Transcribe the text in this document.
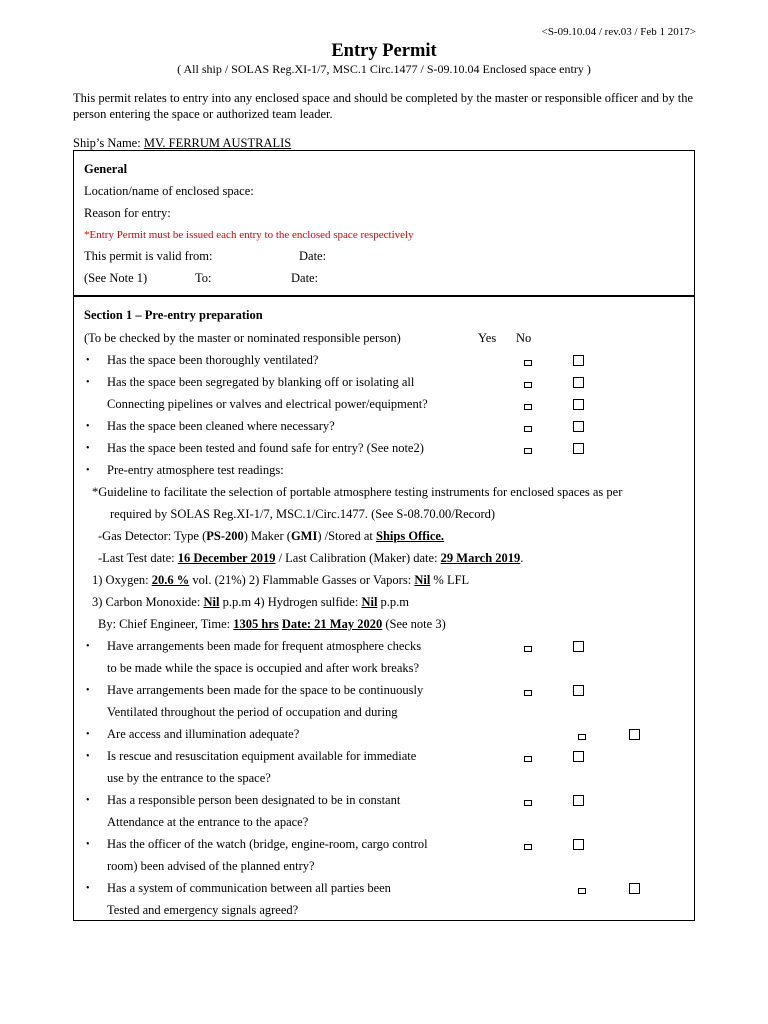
<S-09.10.04 / rev.03 / Feb 1 2017>
Entry Permit
( All ship / SOLAS Reg.XI-1/7, MSC.1 Circ.1477 / S-09.10.04 Enclosed space entry )
This permit relates to entry into any enclosed space and should be completed by the master or responsible officer and by the person entering the space or authorized team leader.
Ship’s Name: MV. FERRUM AUSTRALIS
General
Location/name of enclosed space:
Reason for entry:
*Entry Permit must be issued each entry to the enclosed space respectively
This permit is valid from:	Date:
(See Note 1)	To:	Date:
Section 1 – Pre-entry preparation
(To be checked by the master or nominated responsible person)	Yes No
• Has the space been thoroughly ventilated?
• Has the space been segregated by blanking off or isolating all
Connecting pipelines or valves and electrical power/equipment?
• Has the space been cleaned where necessary?
• Has the space been tested and found safe for entry? (See note2)
• Pre-entry atmosphere test readings:
*Guideline to facilitate the selection of portable atmosphere testing instruments for enclosed spaces as per
required by SOLAS Reg.XI-1/7, MSC.1/Circ.1477. (See S-08.70.00/Record)
-Gas Detector: Type (PS-200) Maker (GMI) /Stored at Ships Office.
-Last Test date: 16 December 2019 / Last Calibration (Maker) date: 29 March 2019.
1) Oxygen: 20.6 % vol. (21%) 2) Flammable Gasses or Vapors: Nil % LFL
3) Carbon Monoxide: Nil p.p.m 4) Hydrogen sulfide: Nil p.p.m
By: Chief Engineer, Time: 1305 hrs Date: 21 May 2020 (See note 3)
• Have arrangements been made for frequent atmosphere checks
to be made while the space is occupied and after work breaks?
• Have arrangements been made for the space to be continuously
Ventilated throughout the period of occupation and during
• Are access and illumination adequate?
• Is rescue and resuscitation equipment available for immediate
use by the entrance to the space?
• Has a responsible person been designated to be in constant
Attendance at the entrance to the apace?
• Has the officer of the watch (bridge, engine-room, cargo control
room) been advised of the planned entry?
• Has a system of communication between all parties been
Tested and emergency signals agreed?
